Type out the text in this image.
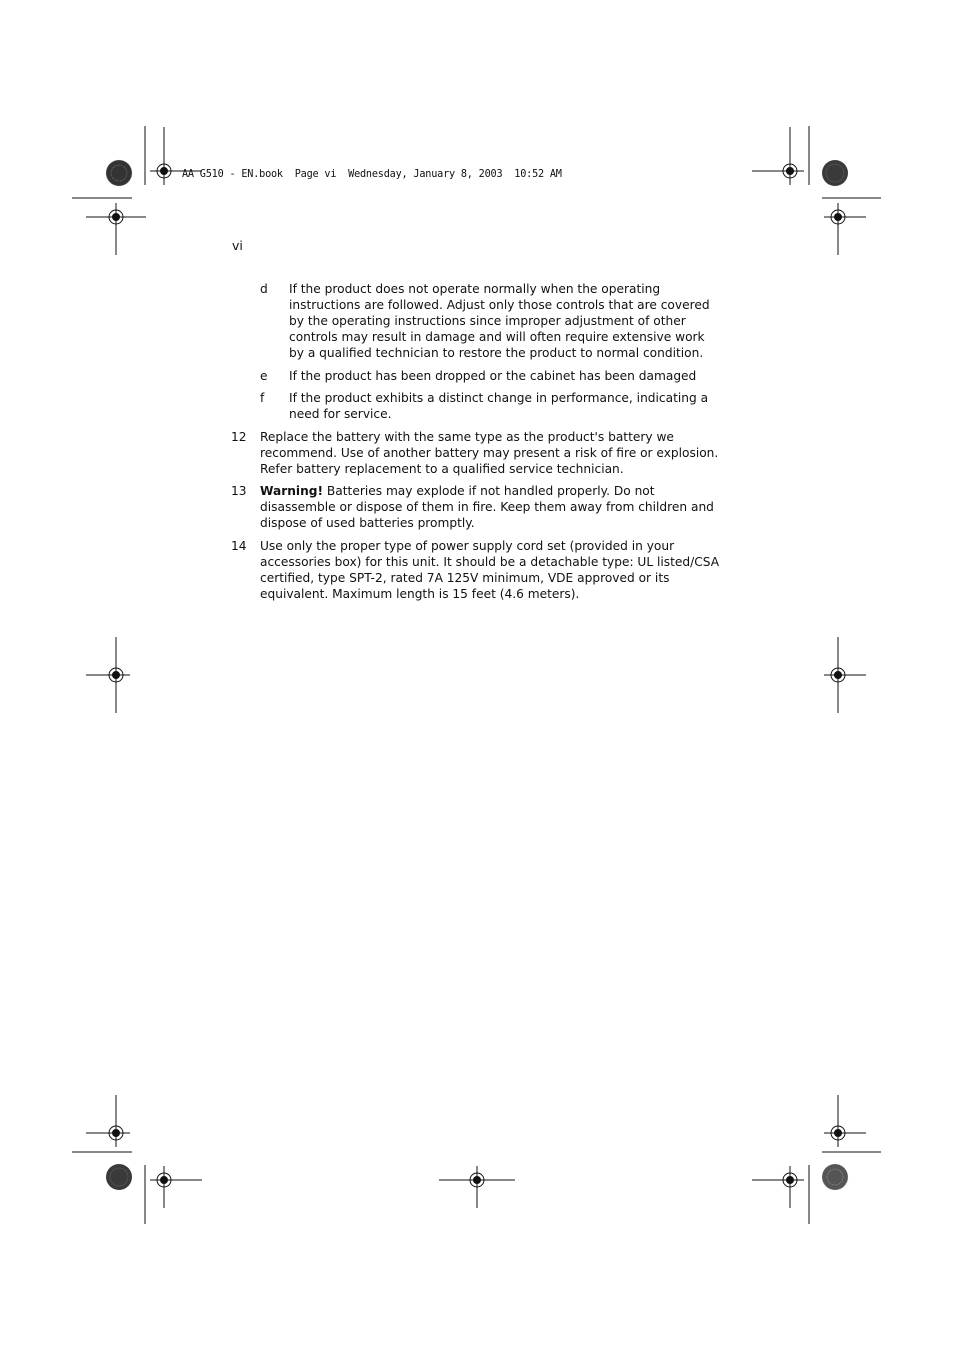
AA G510 - EN.book  Page vi  Wednesday, January 8, 2003  10:52 AM
vi
d If the product does not operate normally when the operating
instructions are followed. Adjust only those controls that are covered
by the operating instructions since improper adjustment of other
controls may result in damage and will often require extensive work
by a qualified technician to restore the product to normal condition.
e If the product has been dropped or the cabinet has been damaged
f If the product exhibits a distinct change in performance, indicating a
need for service.
12 Replace the battery with the same type as the product's battery we
recommend. Use of another battery may present a risk of fire or explosion.
Refer battery replacement to a qualified service technician.
13 Warning! Batteries may explode if not handled properly. Do not
disassemble or dispose of them in fire. Keep them away from children and
dispose of used batteries promptly.
14 Use only the proper type of power supply cord set (provided in your
accessories box) for this unit. It should be a detachable type: UL listed/CSA
certified, type SPT-2, rated 7A 125V minimum, VDE approved or its
equivalent. Maximum length is 15 feet (4.6 meters).
